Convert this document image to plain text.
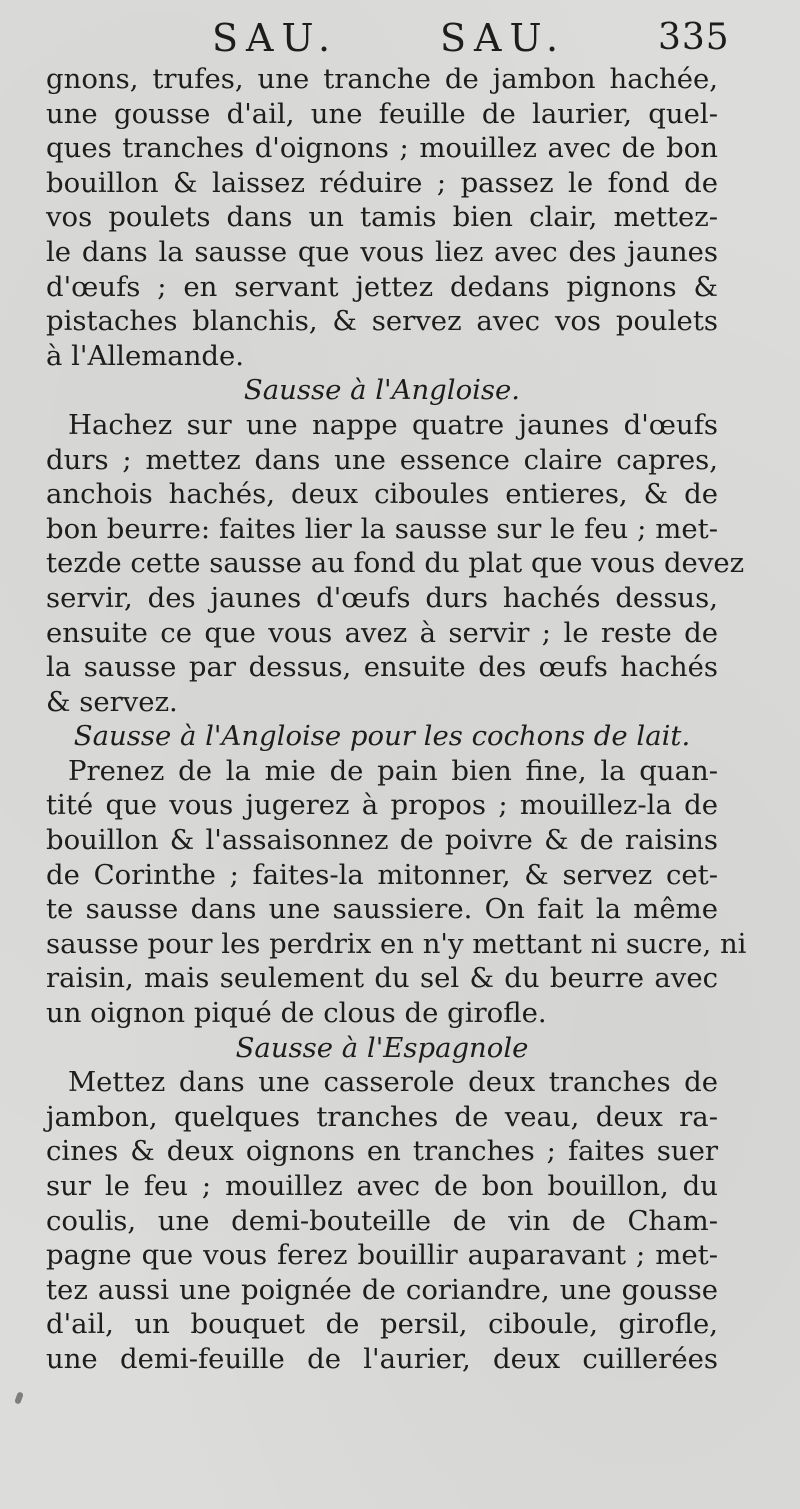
SAU.	SAU.	335
gnons, trufes, une tranche de jambon hachée,
une gousse d'ail, une feuille de laurier, quel-
ques tranches d'oignons ; mouillez avec de bon
bouillon & laissez réduire ; passez le fond de
vos poulets dans un tamis bien clair, mettez-
le dans la sausse que vous liez avec des jaunes
d'œufs ; en servant jettez dedans pignons &
pistaches blanchis, & servez avec vos poulets
à l'Allemande.
Sausse à l'Angloise.
Hachez sur une nappe quatre jaunes d'œufs
durs ; mettez dans une essence claire capres,
anchois hachés, deux ciboules entieres, & de
bon beurre: faites lier la sausse sur le feu ; met-
tezde cette sausse au fond du plat que vous devez
servir, des jaunes d'œufs durs hachés dessus,
ensuite ce que vous avez à servir ; le reste de
la sausse par dessus, ensuite des œufs hachés
& servez.
Sausse à l'Angloise pour les cochons de lait.
Prenez de la mie de pain bien fine, la quan-
tité que vous jugerez à propos ; mouillez-la de
bouillon & l'assaisonnez de poivre & de raisins
de Corinthe ; faites-la mitonner, & servez cet-
te sausse dans une saussiere. On fait la même
sausse pour les perdrix en n'y mettant ni sucre, ni
raisin, mais seulement du sel & du beurre avec
un oignon piqué de clous de girofle.
Sausse à l'Espagnole
Mettez dans une casserole deux tranches de
jambon, quelques tranches de veau, deux ra-
cines & deux oignons en tranches ; faites suer
sur le feu ; mouillez avec de bon bouillon, du
coulis, une demi-bouteille de vin de Cham-
pagne que vous ferez bouillir auparavant ; met-
tez aussi une poignée de coriandre, une gousse
d'ail, un bouquet de persil, ciboule, girofle,
une demi-feuille de l'aurier, deux cuillerées
